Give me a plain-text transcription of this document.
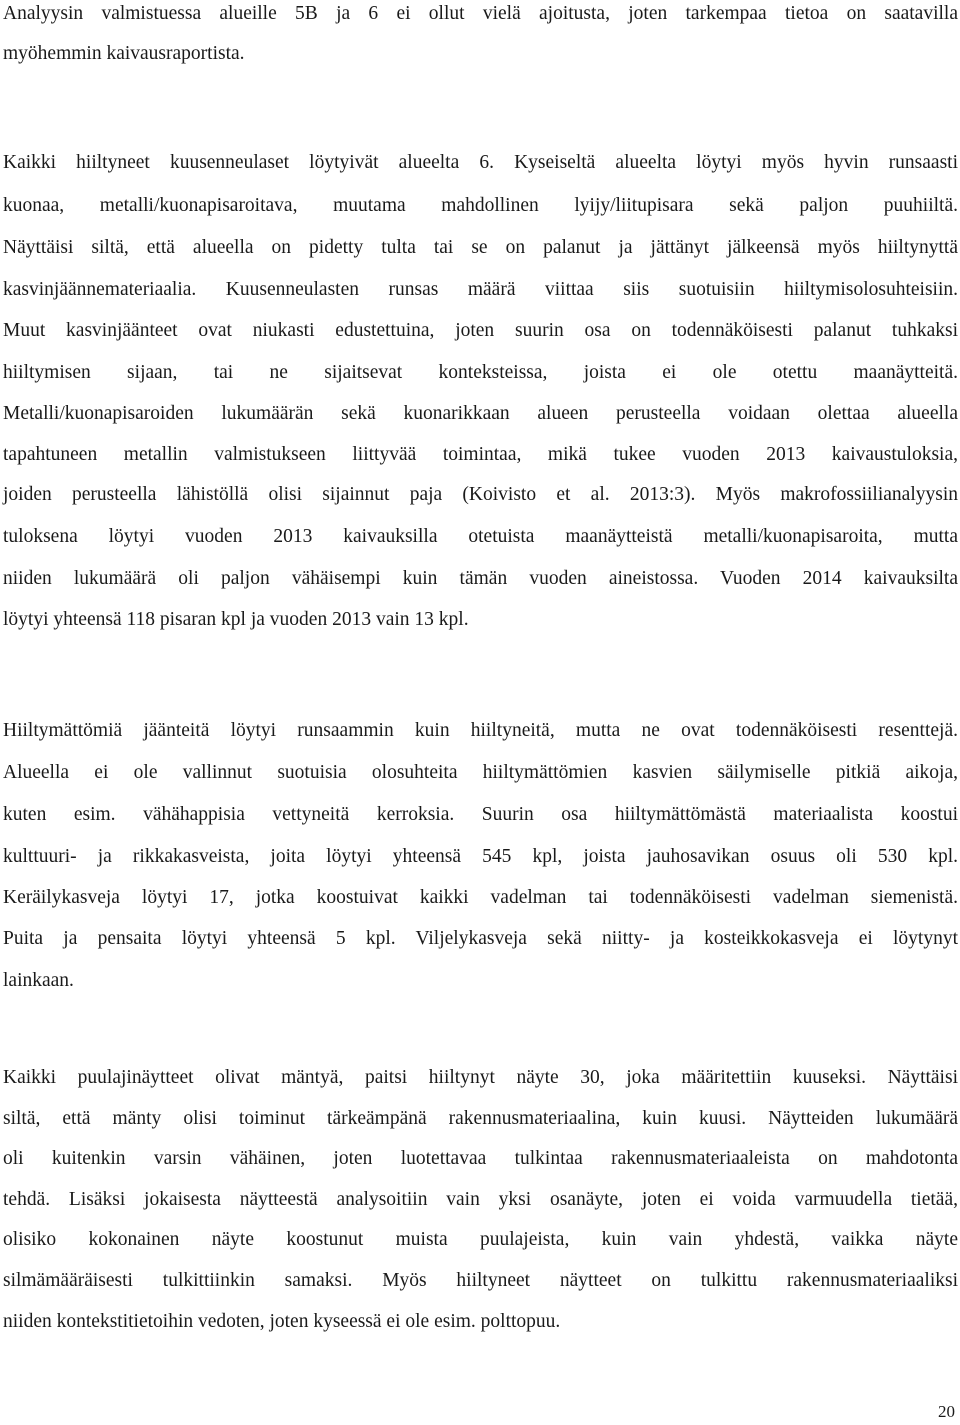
Analyysin valmistuessa alueille 5B ja 6 ei ollut vielä ajoitusta, joten tarkempaa tietoa on saatavilla
myöhemmin kaivausraportista.
Kaikki hiiltyneet kuusenneulaset löytyivät alueelta 6. Kyseiseltä alueelta löytyi myös hyvin runsaasti
kuonaa, metalli/kuonapisaroitava, muutama mahdollinen lyijy/liitupisara sekä paljon puuhiiltä.
Näyttäisi siltä, että alueella on pidetty tulta tai se on palanut ja jättänyt jälkeensä myös hiiltynyttä
kasvinjäännemateriaalia. Kuusenneulasten runsas määrä viittaa siis suotuisiin hiiltymisolosuhteisiin.
Muut kasvinjäänteet ovat niukasti edustettuina, joten suurin osa on todennäköisesti palanut tuhkaksi
hiiltymisen sijaan, tai ne sijaitsevat konteksteissa, joista ei ole otettu maanäytteitä.
Metalli/kuonapisaroiden lukumäärän sekä kuonarikkaan alueen perusteella voidaan olettaa alueella
tapahtuneen metallin valmistukseen liittyvää toimintaa, mikä tukee vuoden 2013 kaivaustuloksia,
joiden perusteella lähistöllä olisi sijainnut paja (Koivisto et al. 2013:3). Myös makrofossiilianalyysin
tuloksena löytyi vuoden 2013 kaivauksilla otetuista maanäytteistä metalli/kuonapisaroita, mutta
niiden lukumäärä oli paljon vähäisempi kuin tämän vuoden aineistossa. Vuoden 2014 kaivauksilta
löytyi yhteensä 118 pisaran kpl ja vuoden 2013 vain 13 kpl.
Hiiltymättömiä jäänteitä löytyi runsaammin kuin hiiltyneitä, mutta ne ovat todennäköisesti resenttejä.
Alueella ei ole vallinnut suotuisia olosuhteita hiiltymättömien kasvien säilymiselle pitkiä aikoja,
kuten esim. vähähappisia vettyneitä kerroksia. Suurin osa hiiltymättömästä materiaalista koostui
kulttuuri- ja rikkakasveista, joita löytyi yhteensä 545 kpl, joista jauhosavikan osuus oli 530 kpl.
Keräilykasveja löytyi 17, jotka koostuivat kaikki vadelman tai todennäköisesti vadelman siemenistä.
Puita ja pensaita löytyi yhteensä 5 kpl. Viljelykasveja sekä niitty- ja kosteikkokasveja ei löytynyt
lainkaan.
Kaikki puulajinäytteet olivat mäntyä, paitsi hiiltynyt näyte 30, joka määritettiin kuuseksi. Näyttäisi
siltä, että mänty olisi toiminut tärkeämpänä rakennusmateriaalina, kuin kuusi. Näytteiden lukumäärä
oli kuitenkin varsin vähäinen, joten luotettavaa tulkintaa rakennusmateriaaleista on mahdotonta
tehdä. Lisäksi jokaisesta näytteestä analysoitiin vain yksi osanäyte, joten ei voida varmuudella tietää,
olisiko kokonainen näyte koostunut muista puulajeista, kuin vain yhdestä, vaikka näyte
silmämääräisesti tulkittiinkin samaksi. Myös hiiltyneet näytteet on tulkittu rakennusmateriaaliksi
niiden kontekstitietoihin vedoten, joten kyseessä ei ole esim. polttopuu.
20
